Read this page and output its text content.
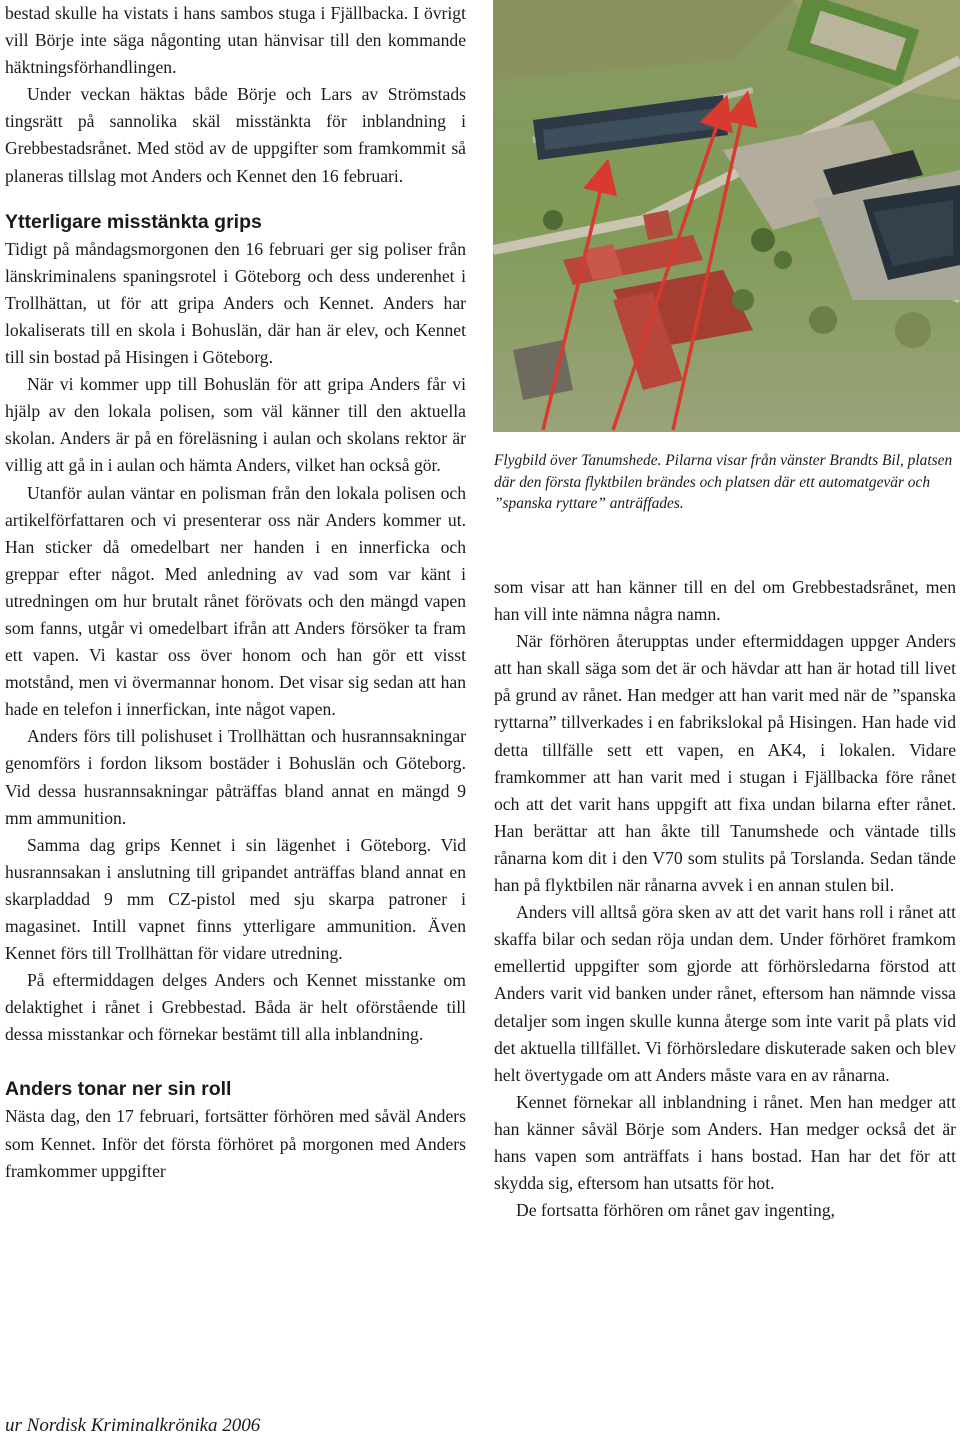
bestad skulle ha vistats i hans sambos stuga i Fjällbacka. I övrigt vill Börje inte säga någonting utan hänvisar till den kommande häktningsförhandlingen.

Under veckan häktas både Börje och Lars av Strömstads tingsrätt på sannolika skäl misstänkta för inblandning i Grebbestadsrånet. Med stöd av de uppgifter som framkommit så planeras tillslag mot Anders och Kennet den 16 februari.

Ytterligare misstänkta grips

Tidigt på måndagsmorgonen den 16 februari ger sig poliser från länskriminalens spaningsrotel i Göteborg och dess underenhet i Trollhättan, ut för att gripa Anders och Kennet. Anders har lokaliserats till en skola i Bohuslän, där han är elev, och Kennet till sin bostad på Hisingen i Göteborg.

När vi kommer upp till Bohuslän för att gripa Anders får vi hjälp av den lokala polisen, som väl känner till den aktuella skolan. Anders är på en föreläsning i aulan och skolans rektor är villig att gå in i aulan och hämta Anders, vilket han också gör.

Utanför aulan väntar en polisman från den lokala polisen och artikelförfattaren och vi presenterar oss när Anders kommer ut. Han sticker då omedelbart ner handen i en innerficka och greppar efter något. Med anledning av vad som var känt i utredningen om hur brutalt rånet förövats och den mängd vapen som fanns, utgår vi omedelbart ifrån att Anders försöker ta fram ett vapen. Vi kastar oss över honom och han gör ett visst motstånd, men vi övermannar honom. Det visar sig sedan att han hade en telefon i innerfickan, inte något vapen.

Anders förs till polishuset i Trollhättan och husrannsakningar genomförs i fordon liksom bostäder i Bohuslän och Göteborg. Vid dessa husrannsakningar påträffas bland annat en mängd 9 mm ammunition.

Samma dag grips Kennet i sin lägenhet i Göteborg. Vid husrannsakan i anslutning till gripandet anträffas bland annat en skarpladdad 9 mm CZ-pistol med sju skarpa patroner i magasinet. Intill vapnet finns ytterligare ammunition. Även Kennet förs till Trollhättan för vidare utredning.

På eftermiddagen delges Anders och Kennet misstanke om delaktighet i rånet i Grebbestad. Båda är helt oförstående till dessa misstankar och förnekar bestämt till alla inblandning.

Anders tonar ner sin roll

Nästa dag, den 17 februari, fortsätter förhören med såväl Anders som Kennet. Inför det första förhöret på morgonen med Anders framkommer uppgifter

Flygbild över Tanumshede. Pilarna visar från vänster Brandts Bil, platsen där den första flyktbilen brändes och platsen där ett automatgevär och ”spanska ryttare” anträffades.

som visar att han känner till en del om Grebbestadsrånet, men han vill inte nämna några namn.

När förhören återupptas under eftermiddagen uppger Anders att han skall säga som det är och hävdar att han är hotad till livet på grund av rånet. Han medger att han varit med när de ”spanska ryttarna” tillverkades i en fabrikslokal på Hisingen. Han hade vid detta tillfälle sett ett vapen, en AK4, i lokalen. Vidare framkommer att han varit med i stugan i Fjällbacka före rånet och att det varit hans uppgift att fixa undan bilarna efter rånet. Han berättar att han åkte till Tanumshede och väntade tills rånarna kom dit i den V70 som stulits på Torslanda. Sedan tände han på flyktbilen när rånarna avvek i en annan stulen bil.

Anders vill alltså göra sken av att det varit hans roll i rånet att skaffa bilar och sedan röja undan dem. Under förhöret framkom emellertid uppgifter som gjorde att förhörsledarna förstod att Anders varit vid banken under rånet, eftersom han nämnde vissa detaljer som ingen skulle kunna återge som inte varit på plats vid det aktuella tillfället. Vi förhörsledare diskuterade saken och blev helt övertygade om att Anders måste vara en av rånarna.

Kennet förnekar all inblandning i rånet. Men han medger att han känner såväl Börje som Anders. Han medger också det är hans vapen som anträffats i hans bostad. Han har det för att skydda sig, eftersom han utsatts för hot.

De fortsatta förhören om rånet gav ingenting,

ur Nordisk Kriminalkrönika 2006
